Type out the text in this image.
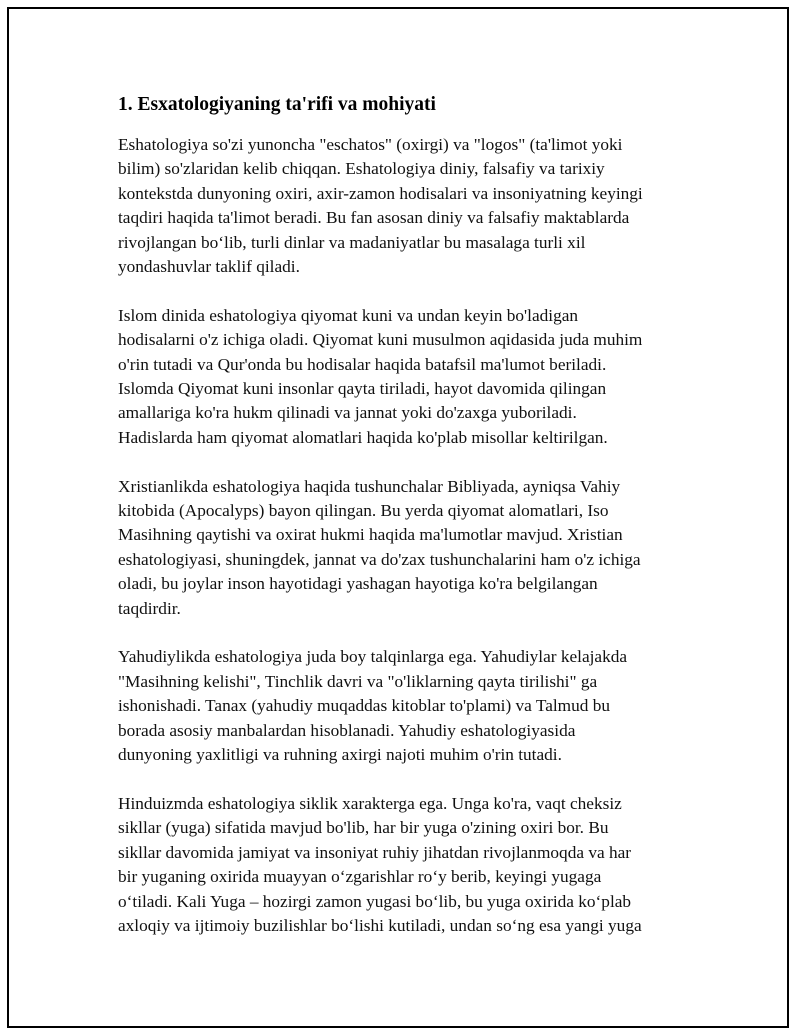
1. Esxatologiyaning ta'rifi va mohiyati
Eshatologiya so'zi yunoncha "eschatos" (oxirgi) va "logos" (ta'limot yoki
bilim) so'zlaridan kelib chiqqan. Eshatologiya diniy, falsafiy va tarixiy
kontekstda dunyoning oxiri, axir-zamon hodisalari va insoniyatning keyingi
taqdiri haqida ta'limot beradi. Bu fan asosan diniy va falsafiy maktablarda
rivojlangan bo‘lib, turli dinlar va madaniyatlar bu masalaga turli xil
yondashuvlar taklif qiladi.
Islom dinida eshatologiya qiyomat kuni va undan keyin bo'ladigan
hodisalarni o'z ichiga oladi. Qiyomat kuni musulmon aqidasida juda muhim
o'rin tutadi va Qur'onda bu hodisalar haqida batafsil ma'lumot beriladi.
Islomda Qiyomat kuni insonlar qayta tiriladi, hayot davomida qilingan
amallariga ko'ra hukm qilinadi va jannat yoki do'zaxga yuboriladi.
Hadislarda ham qiyomat alomatlari haqida ko'plab misollar keltirilgan.
Xristianlikda eshatologiya haqida tushunchalar Bibliyada, ayniqsa Vahiy
kitobida (Apocalyps) bayon qilingan. Bu yerda qiyomat alomatlari, Iso
Masihning qaytishi va oxirat hukmi haqida ma'lumotlar mavjud. Xristian
eshatologiyasi, shuningdek, jannat va do'zax tushunchalarini ham o'z ichiga
oladi, bu joylar inson hayotidagi yashagan hayotiga ko'ra belgilangan
taqdirdir.
Yahudiylikda eshatologiya juda boy talqinlarga ega. Yahudiylar kelajakda
"Masihning kelishi", Tinchlik davri va "o'liklarning qayta tirilishi" ga
ishonishadi. Tanax (yahudiy muqaddas kitoblar to'plami) va Talmud bu
borada asosiy manbalardan hisoblanadi. Yahudiy eshatologiyasida
dunyoning yaxlitligi va ruhning axirgi najoti muhim o'rin tutadi.
Hinduizmda eshatologiya siklik xarakterga ega. Unga ko'ra, vaqt cheksiz
sikllar (yuga) sifatida mavjud bo'lib, har bir yuga o'zining oxiri bor. Bu
sikllar davomida jamiyat va insoniyat ruhiy jihatdan rivojlanmoqda va har
bir yuganing oxirida muayyan o‘zgarishlar ro‘y berib, keyingi yugaga
o‘tiladi. Kali Yuga – hozirgi zamon yugasi bo‘lib, bu yuga oxirida ko‘plab
axloqiy va ijtimoiy buzilishlar bo‘lishi kutiladi, undan so‘ng esa yangi yuga
